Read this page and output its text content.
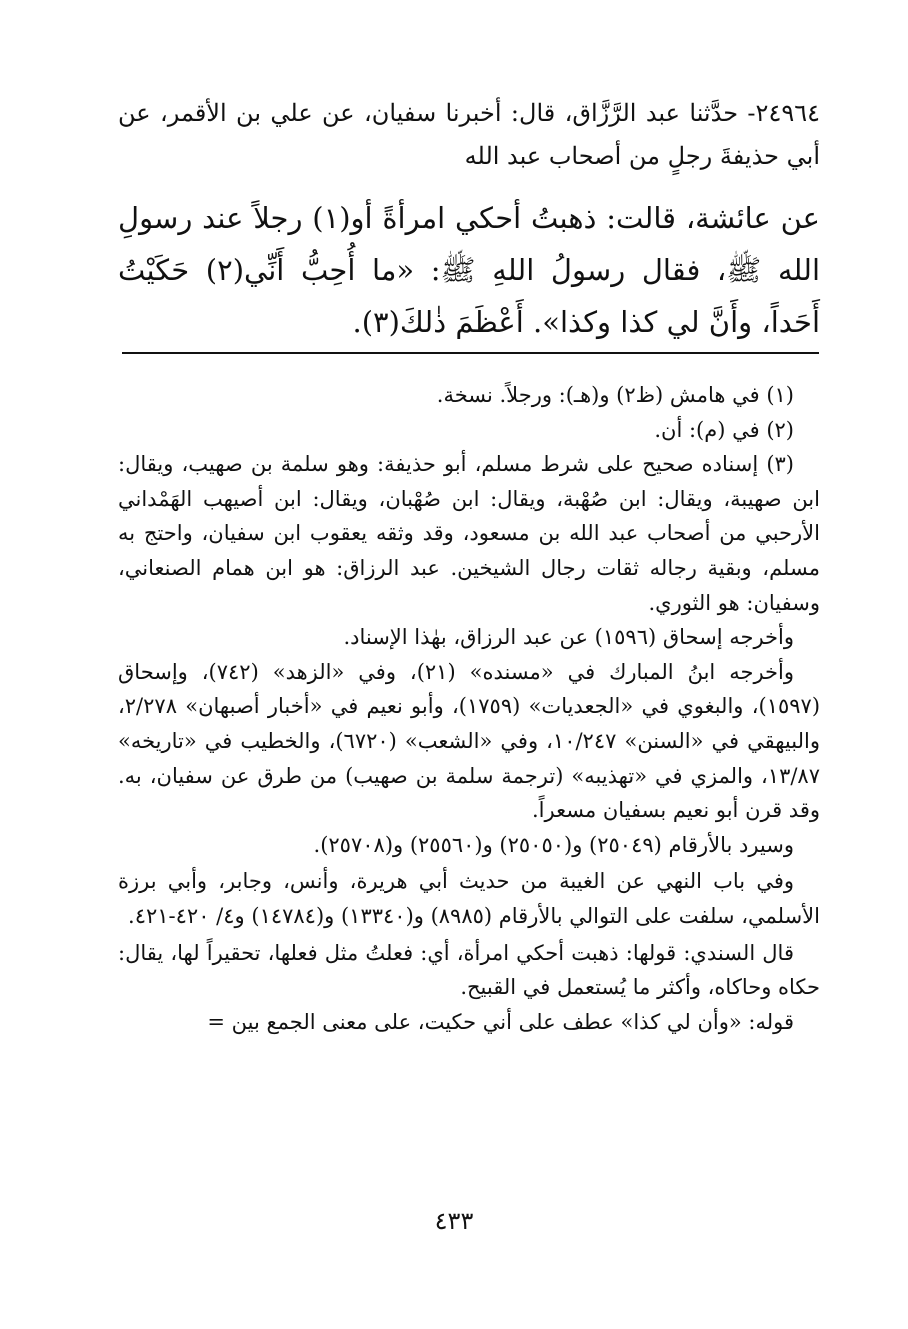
٢٤٩٦٤- حدَّثنا عبد الرَّزَّاق، قال: أخبرنا سفيان، عن علي بن الأقمر، عن أبي حذيفةَ رجلٍ من أصحاب عبد الله
عن عائشة، قالت: ذهبتُ أحكي امرأةً أو(١) رجلاً عند رسولِ الله ﷺ، فقال رسولُ اللهِ ﷺ: «ما أُحِبُّ أَنِّي(٢) حَكَيْتُ أَحَداً، وأَنَّ لي كذا وكذا». أَعْظَمَ ذٰلكَ(٣).

(١) في هامش (ظ٢) و(هـ): ورجلاً. نسخة.

(٢) في (م): أن.

(٣) إسناده صحيح على شرط مسلم، أبو حذيفة: وهو سلمة بن صهيب، ويقال: ابن صهيبة، ويقال: ابن صُهْبة، ويقال: ابن صُهْبان، ويقال: ابن أصيهب الهَمْداني الأرحبي من أصحاب عبد الله بن مسعود، وقد وثقه يعقوب ابن سفيان، واحتج به مسلم، وبقية رجاله ثقات رجال الشيخين. عبد الرزاق: هو ابن همام الصنعاني، وسفيان: هو الثوري.

وأخرجه إسحاق (١٥٩٦) عن عبد الرزاق، بهٰذا الإسناد.

وأخرجه ابنُ المبارك في «مسنده» (٢١)، وفي «الزهد» (٧٤٢)، وإسحاق (١٥٩٧)، والبغوي في «الجعديات» (١٧٥٩)، وأبو نعيم في «أخبار أصبهان» ٢/٢٧٨، والبيهقي في «السنن» ١٠/٢٤٧، وفي «الشعب» (٦٧٢٠)، والخطيب في «تاريخه» ١٣/٨٧، والمزي في «تهذيبه» (ترجمة سلمة بن صهيب) من طرق عن سفيان، به. وقد قرن أبو نعيم بسفيان مسعراً.

وسيرد بالأرقام (٢٥٠٤٩) و(٢٥٠٥٠) و(٢٥٥٦٠) و(٢٥٧٠٨).

وفي باب النهي عن الغيبة من حديث أبي هريرة، وأنس، وجابر، وأبي برزة الأسلمي، سلفت على التوالي بالأرقام (٨٩٨٥) و(١٣٣٤٠) و(١٤٧٨٤) و٤/ ٤٢٠-٤٢١.

قال السندي: قولها: ذهبت أحكي امرأة، أي: فعلتُ مثل فعلها، تحقيراً لها، يقال: حكاه وحاكاه، وأكثر ما يُستعمل في القبيح.

قوله: «وأن لي كذا» عطف على أني حكيت، على معنى الجمع بين =

٤٣٣
